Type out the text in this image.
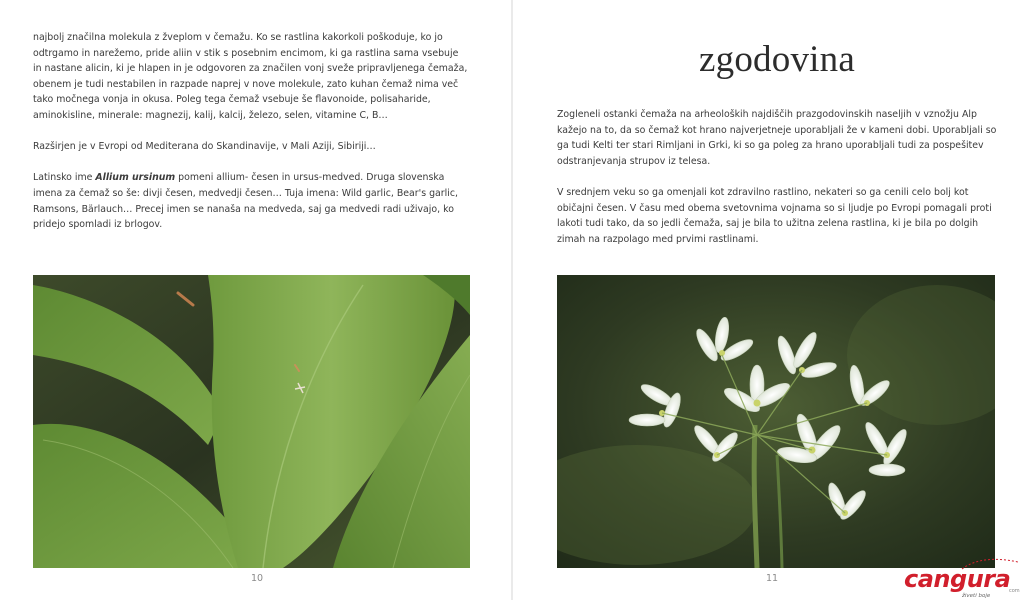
najbolj značilna molekula z žveplom v čemažu. Ko se rastlina kakorkoli poškoduje, ko jo odtrgamo in narežemo, pride aliin v stik s posebnim encimom, ki ga rastlina sama vsebuje in nastane alicin, ki je hlapen in je odgovoren za značilen vonj sveže pripravljenega čemaža, obenem je tudi nestabilen in razpade naprej v nove molekule, zato kuhan čemaž nima več tako močnega vonja in okusa. Poleg tega čemaž vsebuje še flavonoide, polisaharide, aminokisline, minerale: magnezij, kalij, kalcij, železo, selen, vitamine C, B…

Razširjen je v Evropi od Mediterana do Skandinavije, v Mali Aziji, Sibiriji…

Latinsko ime Allium ursinum pomeni allium- česen in ursus-medved. Druga slovenska imena za čemaž so še: divji česen, medvedji česen… Tuja imena: Wild garlic, Bear's garlic, Ramsons, Bärlauch… Precej imen se nanaša na medveda, saj ga medvedi radi uživajo, ko pridejo spomladi iz brlogov.

10
zgodovina

Zogleneli ostanki čemaža na arheoloških najdiščih prazgodovinskih naseljih v vznožju Alp kažejo na to, da so čemaž kot hrano najverjetneje uporabljali že v kameni dobi. Uporabljali so ga tudi Kelti ter stari Rimljani in Grki, ki so ga poleg za hrano uporabljali tudi za pospešitev odstranjevanja strupov iz telesa.

V srednjem veku so ga omenjali kot zdravilno rastlino, nekateri so ga cenili celo bolj kot običajni česen. V času med obema svetovnima vojnama so si ljudje po Evropi pomagali proti lakoti tudi tako, da so jedli čemaža, saj je bila to užitna zelena rastlina, ki je bila po dolgih zimah na razpolago med prvimi rastlinami.

11	cangura
com
živeti boje
